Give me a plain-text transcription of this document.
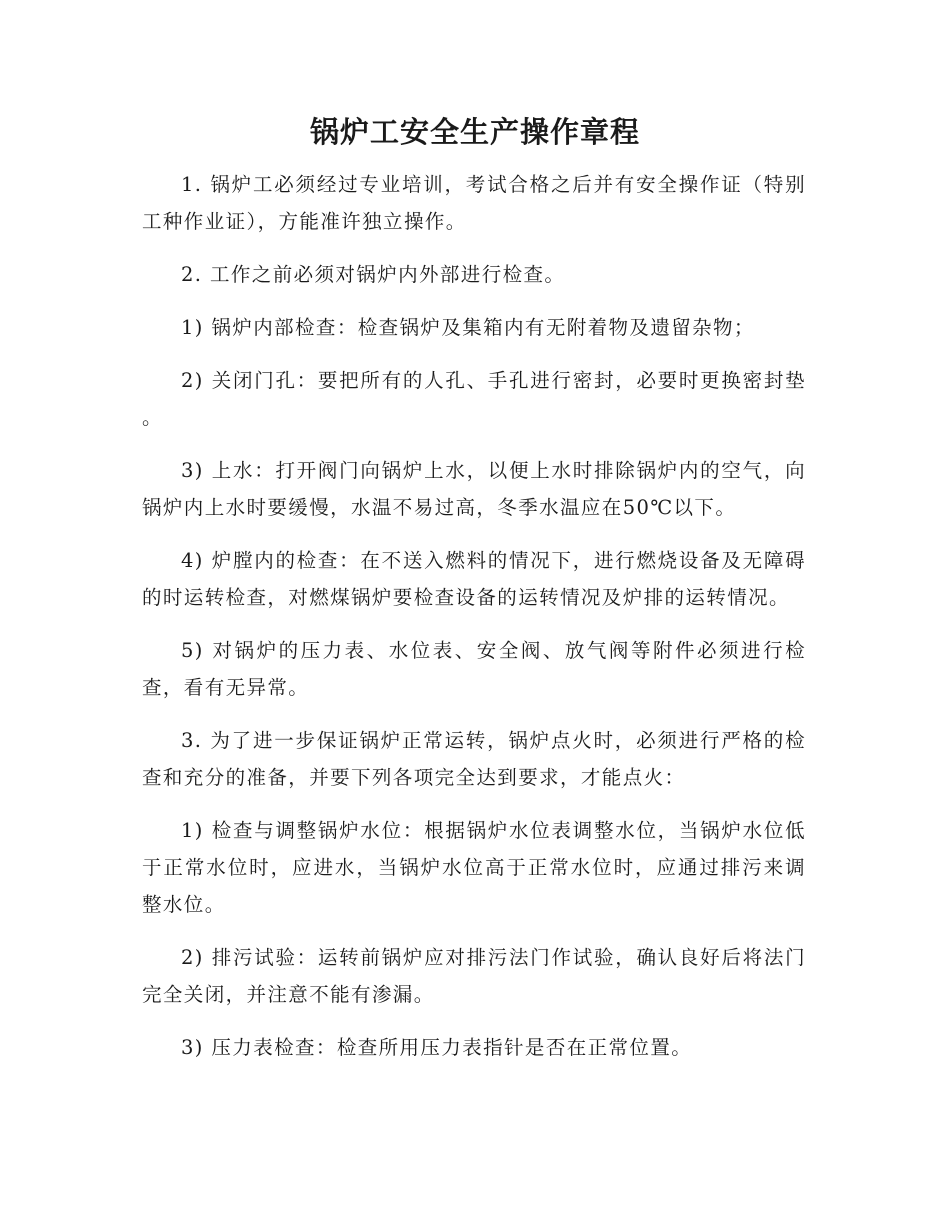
锅炉工安全生产操作章程

1. 锅炉工必须经过专业培训，考试合格之后并有安全操作证（特别工种作业证），方能准许独立操作。

2. 工作之前必须对锅炉内外部进行检查。

1) 锅炉内部检查：检查锅炉及集箱内有无附着物及遗留杂物；

2) 关闭门孔：要把所有的人孔、手孔进行密封，必要时更换密封垫 。

3) 上水：打开阀门向锅炉上水，以便上水时排除锅炉内的空气，向锅炉内上水时要缓慢，水温不易过高，冬季水温应在50℃以下。

4) 炉膛内的检查：在不送入燃料的情况下，进行燃烧设备及无障碍的时运转检查，对燃煤锅炉要检查设备的运转情况及炉排的运转情况。

5) 对锅炉的压力表、水位表、安全阀、放气阀等附件必须进行检查，看有无异常。

3. 为了进一步保证锅炉正常运转，锅炉点火时，必须进行严格的检查和充分的准备，并要下列各项完全达到要求，才能点火：

1) 检查与调整锅炉水位：根据锅炉水位表调整水位，当锅炉水位低于正常水位时，应进水，当锅炉水位高于正常水位时，应通过排污来调整水位。

2) 排污试验：运转前锅炉应对排污法门作试验，确认良好后将法门完全关闭，并注意不能有渗漏。

3) 压力表检查：检查所用压力表指针是否在正常位置。
